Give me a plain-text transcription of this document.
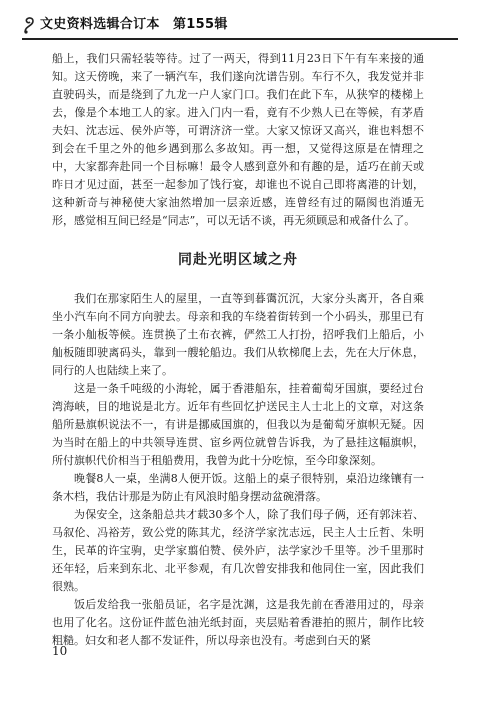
文史资料选辑合订本　第155辑

船上，我们只需轻装等待。过了一两天，得到11月23日下午有车来接的通知。这天傍晚，来了一辆汽车，我们遂向沈谱告别。车行不久，我发觉并非直驶码头，而是绕到了九龙一户人家门口。我们在此下车，从狭窄的楼梯上去，像是个本地工人的家。进入门内一看，竟有不少熟人已在等候，有茅盾夫妇、沈志远、侯外庐等，可谓济济一堂。大家又惊讶又高兴，谁也料想不到会在千里之外的他乡遇到那么多故知。再一想，又觉得这原是在情理之中，大家都奔赴同一个目标嘛！最令人感到意外和有趣的是，适巧在前天或昨日才见过面，甚至一起参加了饯行宴，却谁也不说自己即将离港的计划，这种新奇与神秘使大家油然增加一层亲近感，连曾经有过的隔阂也消遁无形，感觉相互间已经是“同志”，可以无话不谈，再无须顾忌和戒备什么了。

同赴光明区域之舟

我们在那家陌生人的屋里，一直等到暮霭沉沉，大家分头离开，各自乘坐小汽车向不同方向驶去。母亲和我的车绕着街转到一个小码头，那里已有一条小舢板等候。连贯换了土布衣裤，俨然工人打扮，招呼我们上船后，小舢板随即驶离码头，靠到一艘轮船边。我们从软梯爬上去，先在大厅休息，同行的人也陆续上来了。

这是一条千吨级的小海轮，属于香港船东，挂着葡萄牙国旗，要经过台湾海峡，目的地说是北方。近年有些回忆护送民主人士北上的文章，对这条船所悬旗帜说法不一，有讲是挪威国旗的，但我以为是葡萄牙旗帜无疑。因为当时在船上的中共领导连贯、宦乡两位就曾告诉我，为了悬挂这幅旗帜，所付旗帜代价相当于租船费用，我曾为此十分吃惊，至今印象深刻。

晚餐8人一桌，坐满8人便开饭。这船上的桌子很特别，桌沿边缘镶有一条木档，我估计那是为防止有风浪时船身摆动盆碗滑落。

为保安全，这条船总共才载30多个人，除了我们母子俩，还有郭沫若、马叙伦、冯裕芳，致公党的陈其尤，经济学家沈志远，民主人士丘哲、朱明生，民革的许宝驹，史学家翦伯赞、侯外庐，法学家沙千里等。沙千里那时还年轻，后来到东北、北平参观，有几次曾安排我和他同住一室，因此我们很熟。

饭后发给我一张船员证，名字是沈渊，这是我先前在香港用过的，母亲也用了化名。这份证件蓝色油光纸封面，夹层贴着香港拍的照片，制作比较粗糙。妇女和老人都不发证件，所以母亲也没有。考虑到白天的紧

10
